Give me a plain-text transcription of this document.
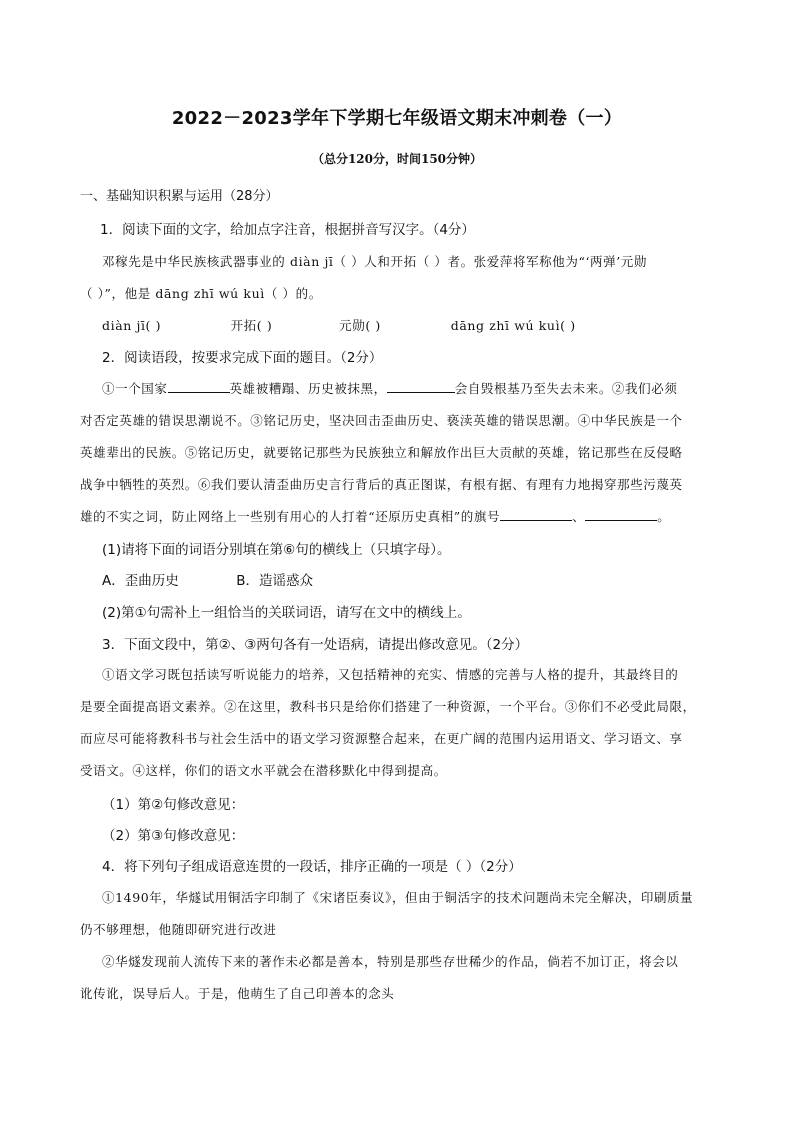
2022－2023学年下学期七年级语文期末冲刺卷（一）
（总分120分，时间150分钟）
一、基础知识积累与运用（28分）
1．阅读下面的文字，给加点字注音，根据拼音写汉字。（4分）
邓稼先是中华民族核武器事业的 diàn jī（ ）人和开拓（ ）者。张爱萍将军称他为“‘两弹’元勋
（ ）”，他是 dāng zhī wú kuì（ ）的。
diàn jī( )	开拓( )	元勋( )	dāng zhī wú kuì( )
2．阅读语段，按要求完成下面的题目。（2分）
①一个国家	英雄被糟蹋、历史被抹黑，	会自毁根基乃至失去未来。②我们必须
对否定英雄的错误思潮说不。③铭记历史，坚决回击歪曲历史、亵渎英雄的错误思潮。④中华民族是一个
英雄辈出的民族。⑤铭记历史，就要铭记那些为民族独立和解放作出巨大贡献的英雄，铭记那些在反侵略
战争中牺牲的英烈。⑥我们要认清歪曲历史言行背后的真正图谋，有根有据、有理有力地揭穿那些污蔑英
雄的不实之词，防止网络上一些别有用心的人打着“还原历史真相”的旗号	、	。
(1)请将下面的词语分别填在第⑥句的横线上（只填字母）。
A．歪曲历史	B．造谣惑众
(2)第①句需补上一组恰当的关联词语，请写在文中的横线上。
3．下面文段中，第②、③两句各有一处语病，请提出修改意见。（2分）
①语文学习既包括读写听说能力的培养，又包括精神的充实、情感的完善与人格的提升，其最终目的
是要全面提高语文素养。②在这里，教科书只是给你们搭建了一种资源，一个平台。③你们不必受此局限，
而应尽可能将教科书与社会生活中的语文学习资源整合起来，在更广阔的范围内运用语文、学习语文、享
受语文。④这样，你们的语文水平就会在潜移默化中得到提高。
（1）第②句修改意见：
（2）第③句修改意见：
4．将下列句子组成语意连贯的一段话，排序正确的一项是（ ）（2分）
①1490年，华燧试用铜活字印制了《宋诸臣奏议》，但由于铜活字的技术问题尚未完全解决，印刷质量
仍不够理想，他随即研究进行改进
②华燧发现前人流传下来的著作未必都是善本，特别是那些存世稀少的作品，倘若不加订正，将会以
讹传讹，误导后人。于是，他萌生了自己印善本的念头
